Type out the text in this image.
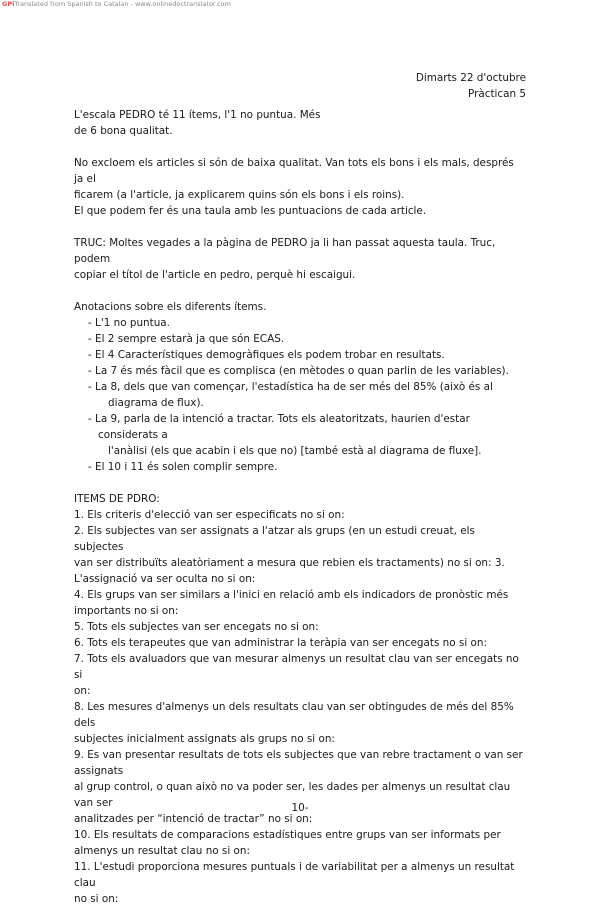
GPiTranslated from Spanish to Catalan - www.onlinedoctranslator.com
Dimarts 22 d'octubre
Pràctican 5

L'escala PEDRO té 11 ítems, l'1 no puntua. Més
de 6 bona qualitat.

No excloem els articles si són de baixa qualitat. Van tots els bons i els mals, després ja el
ficarem (a l'article, ja explicarem quins són els bons i els roins).
El que podem fer és una taula amb les puntuacions de cada article.

TRUC: Moltes vegades a la pàgina de PEDRO ja li han passat aquesta taula. Truc, podem
copiar el títol de l'article en pedro, perquè hi escaigui.

Anotacions sobre els diferents ítems.

- L'1 no puntua.
- El 2 sempre estarà ja que són ECAS.
- El 4 Característiques demogràfiques els podem trobar en resultats.
- La 7 és més fàcil que es complisca (en mètodes o quan parlin de les variables).
- La 8, dels que van començar, l'estadística ha de ser més del 85% (això és al
diagrama de flux).
- La 9, parla de la intenció a tractar. Tots els aleatoritzats, haurien d'estar considerats a
l'anàlisi (els que acabin i els que no) [també està al diagrama de fluxe].
- El 10 i 11 és solen complir sempre.

ITEMS DE PDRO:

1. Els criteris d'elecció van ser especificats no si on:
2. Els subjectes van ser assignats a l'atzar als grups (en un estudi creuat, els subjectes
van ser distribuïts aleatòriament a mesura que rebien els tractaments) no si on: 3.
L'assignació va ser oculta no si on:
4. Els grups van ser similars a l'inici en relació amb els indicadors de pronòstic més
importants no si on:
5. Tots els subjectes van ser encegats no si on:
6. Tots els terapeutes que van administrar la teràpia van ser encegats no si on:
7. Tots els avaluadors que van mesurar almenys un resultat clau van ser encegats no si
on:
8. Les mesures d'almenys un dels resultats clau van ser obtingudes de més del 85% dels
subjectes inicialment assignats als grups no si on:
9. Es van presentar resultats de tots els subjectes que van rebre tractament o van ser assignats
al grup control, o quan això no va poder ser, les dades per almenys un resultat clau van ser
analitzades per “intenció de tractar” no si on:
10. Els resultats de comparacions estadístiques entre grups van ser informats per
almenys un resultat clau no si on:
11. L'estudi proporciona mesures puntuals i de variabilitat per a almenys un resultat clau
no si on:
10-
